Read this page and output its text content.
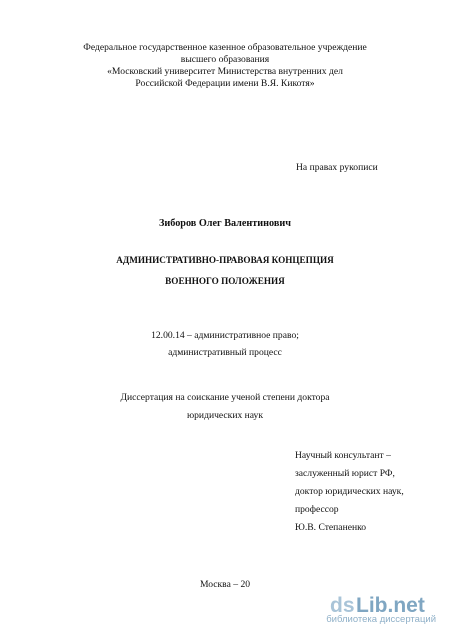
Федеральное государственное казенное образовательное учреждение
высшего образования
«Московский университет Министерства внутренних дел
Российской Федерации имени В.Я. Кикотя»
На правах рукописи
Зиборов Олег Валентинович
АДМИНИСТРАТИВНО-ПРАВОВАЯ КОНЦЕПЦИЯ
ВОЕННОГО ПОЛОЖЕНИЯ
12.00.14 – административное право;
административный процесс
Диссертация на соискание ученой степени доктора
юридических наук
Научный консультант –
заслуженный юрист РФ,
доктор юридических наук,
профессор
Ю.В. Степаненко
Москва – 20
ds Lib.net
библиотека диссертаций
